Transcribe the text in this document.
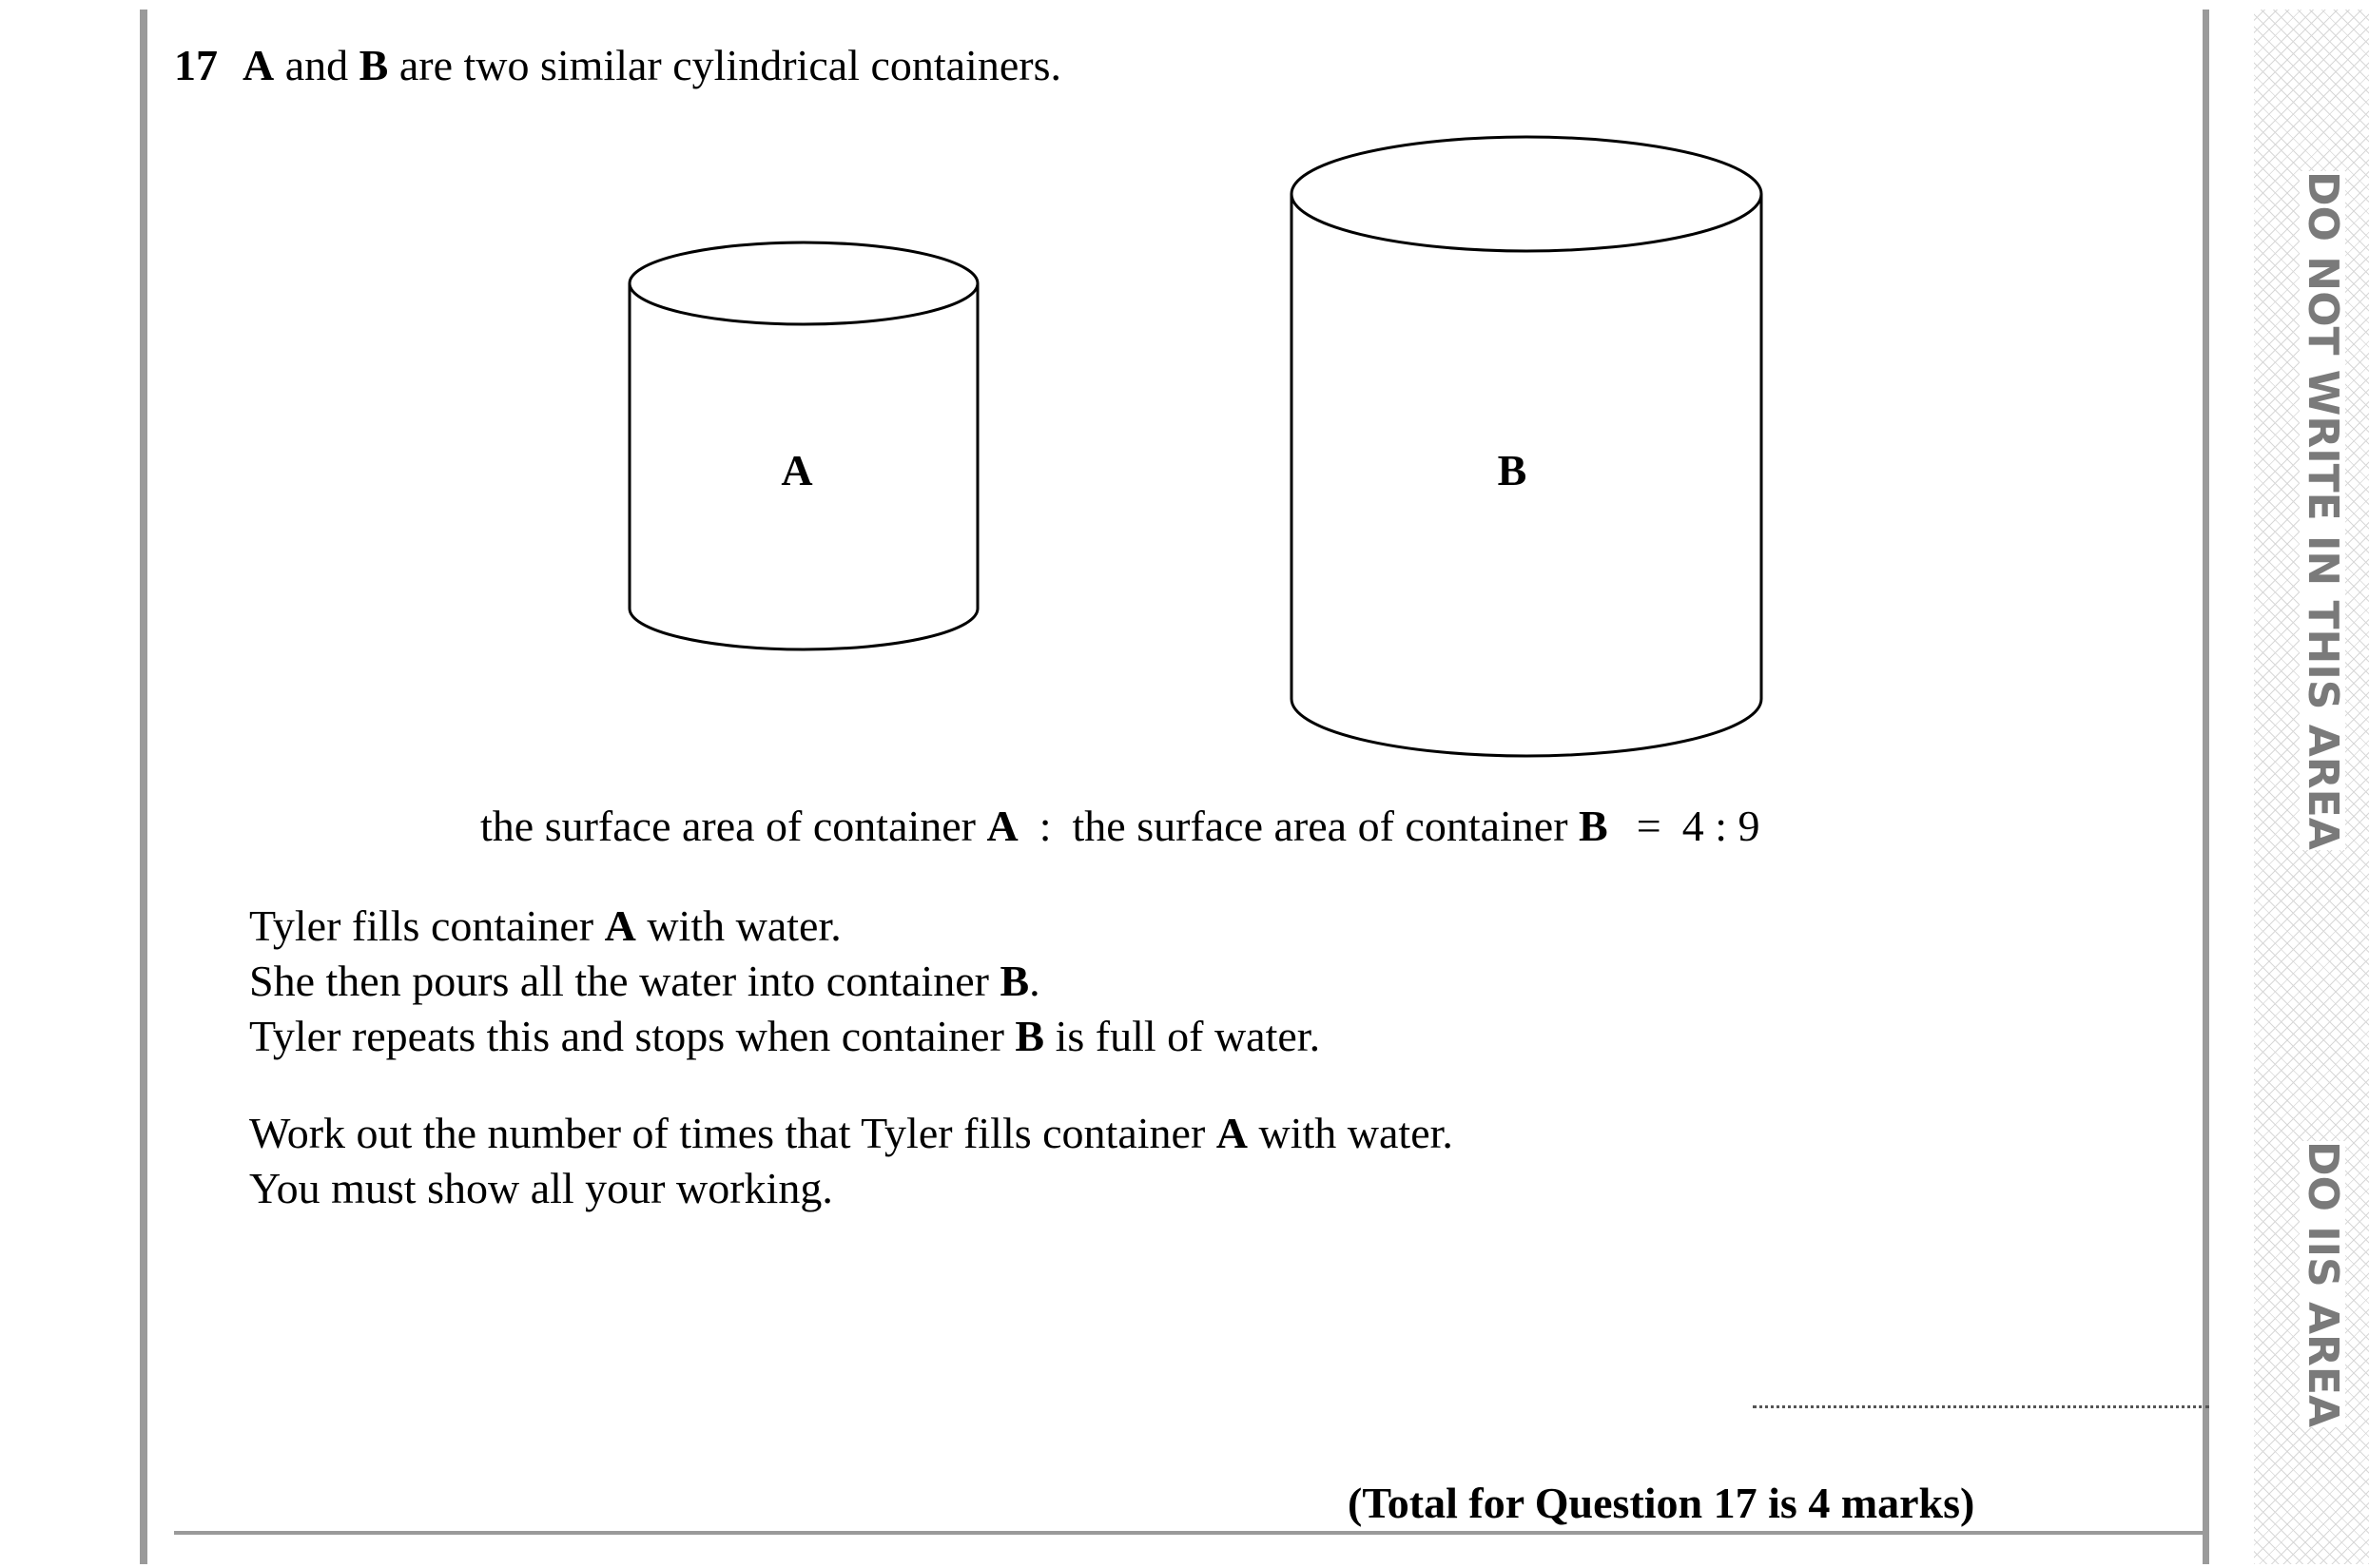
DO NOT WRITE IN THIS AREA
DO IIS AREA
17 A and B are two similar cylindrical containers.
A	B
the surface area of container A : the surface area of container B = 4 : 9
Tyler fills container A with water.
She then pours all the water into container B.
Tyler repeats this and stops when container B is full of water.
Work out the number of times that Tyler fills container A with water.
You must show all your working.
(Total for Question 17 is 4 marks)
